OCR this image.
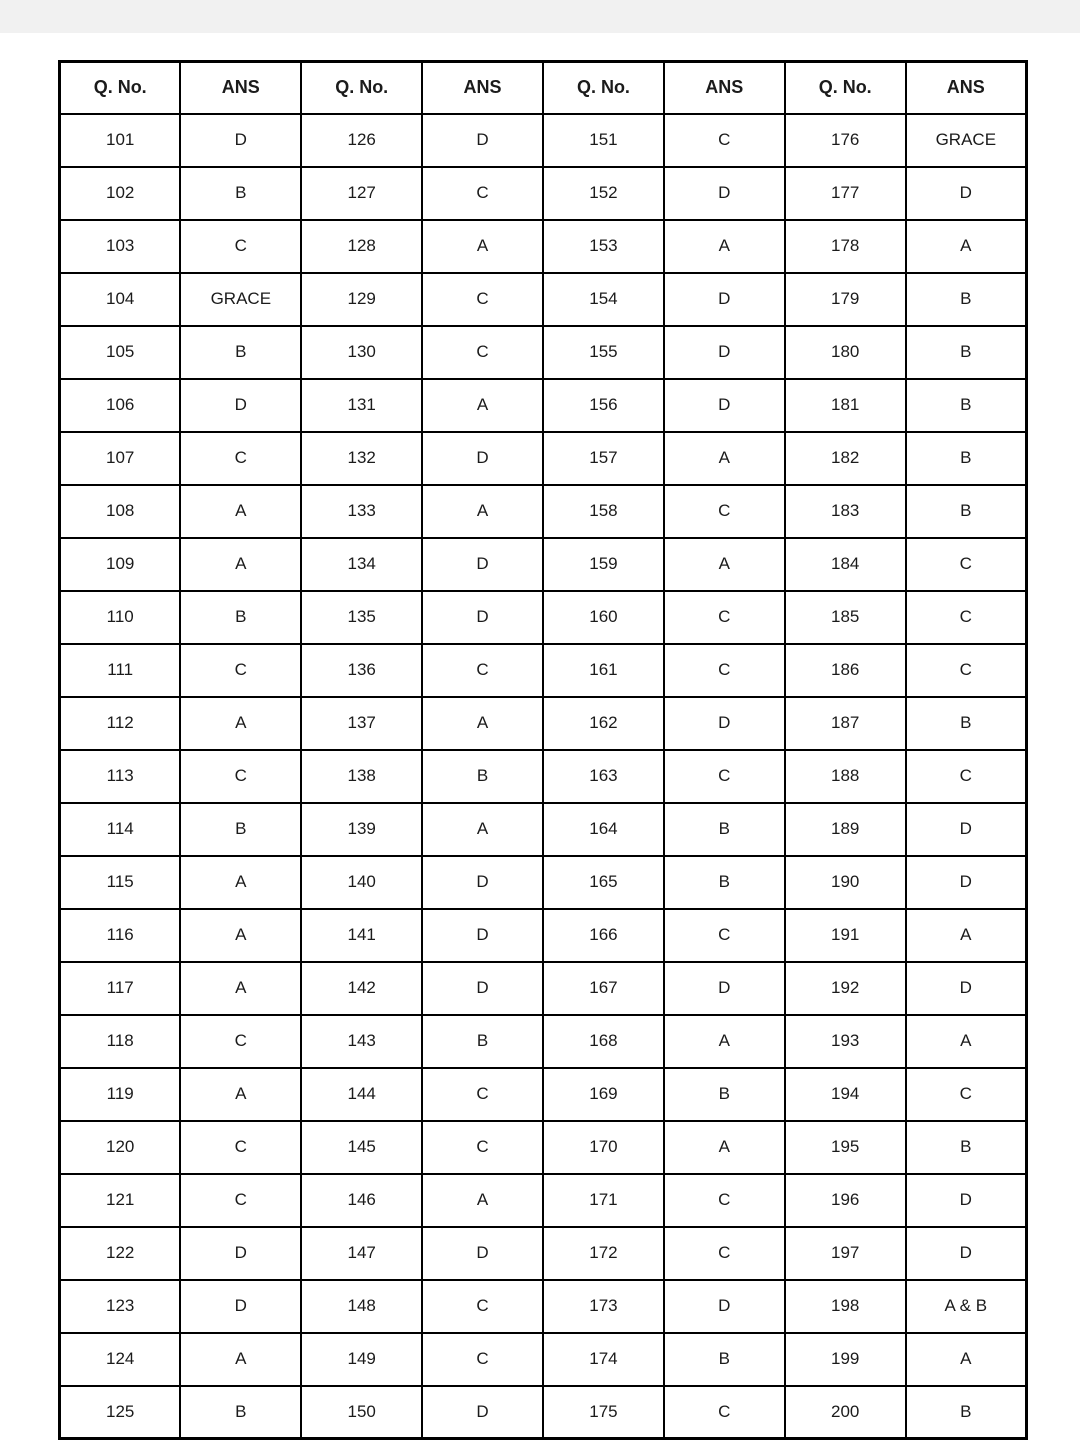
Q. No.	ANS	Q. No.	ANS	Q. No.	ANS	Q. No.	ANS
101	D	126	D	151	C	176	GRACE
102	B	127	C	152	D	177	D
103	C	128	A	153	A	178	A
104	GRACE	129	C	154	D	179	B
105	B	130	C	155	D	180	B
106	D	131	A	156	D	181	B
107	C	132	D	157	A	182	B
108	A	133	A	158	C	183	B
109	A	134	D	159	A	184	C
110	B	135	D	160	C	185	C
111	C	136	C	161	C	186	C
112	A	137	A	162	D	187	B
113	C	138	B	163	C	188	C
114	B	139	A	164	B	189	D
115	A	140	D	165	B	190	D
116	A	141	D	166	C	191	A
117	A	142	D	167	D	192	D
118	C	143	B	168	A	193	A
119	A	144	C	169	B	194	C
120	C	145	C	170	A	195	B
121	C	146	A	171	C	196	D
122	D	147	D	172	C	197	D
123	D	148	C	173	D	198	A & B
124	A	149	C	174	B	199	A
125	B	150	D	175	C	200	B
